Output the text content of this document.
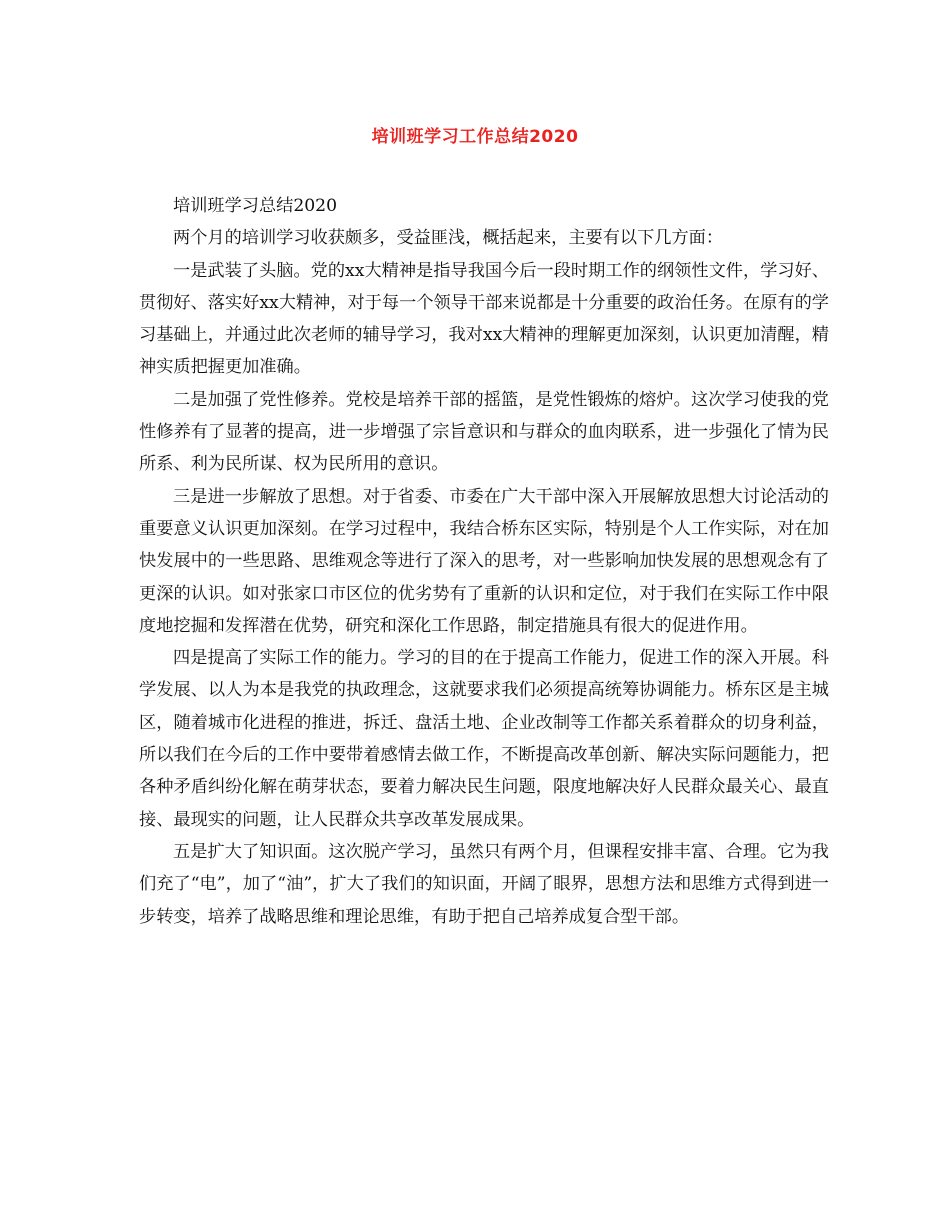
培训班学习工作总结2020

培训班学习总结2020

两个月的培训学习收获颇多，受益匪浅，概括起来，主要有以下几方面：

一是武装了头脑。党的xx大精神是指导我国今后一段时期工作的纲领性文件，学习好、贯彻好、落实好xx大精神，对于每一个领导干部来说都是十分重要的政治任务。在原有的学习基础上，并通过此次老师的辅导学习，我对xx大精神的理解更加深刻，认识更加清醒，精神实质把握更加准确。

二是加强了党性修养。党校是培养干部的摇篮，是党性锻炼的熔炉。这次学习使我的党性修养有了显著的提高，进一步增强了宗旨意识和与群众的血肉联系，进一步强化了情为民所系、利为民所谋、权为民所用的意识。

三是进一步解放了思想。对于省委、市委在广大干部中深入开展解放思想大讨论活动的重要意义认识更加深刻。在学习过程中，我结合桥东区实际，特别是个人工作实际，对在加快发展中的一些思路、思维观念等进行了深入的思考，对一些影响加快发展的思想观念有了更深的认识。如对张家口市区位的优劣势有了重新的认识和定位，对于我们在实际工作中限度地挖掘和发挥潜在优势，研究和深化工作思路，制定措施具有很大的促进作用。

四是提高了实际工作的能力。学习的目的在于提高工作能力，促进工作的深入开展。科学发展、以人为本是我党的执政理念，这就要求我们必须提高统筹协调能力。桥东区是主城区，随着城市化进程的推进，拆迁、盘活土地、企业改制等工作都关系着群众的切身利益，所以我们在今后的工作中要带着感情去做工作，不断提高改革创新、解决实际问题能力，把各种矛盾纠纷化解在萌芽状态，要着力解决民生问题，限度地解决好人民群众最关心、最直接、最现实的问题，让人民群众共享改革发展成果。

五是扩大了知识面。这次脱产学习，虽然只有两个月，但课程安排丰富、合理。它为我们充了“电”，加了“油”，扩大了我们的知识面，开阔了眼界，思想方法和思维方式得到进一步转变，培养了战略思维和理论思维，有助于把自己培养成复合型干部。
